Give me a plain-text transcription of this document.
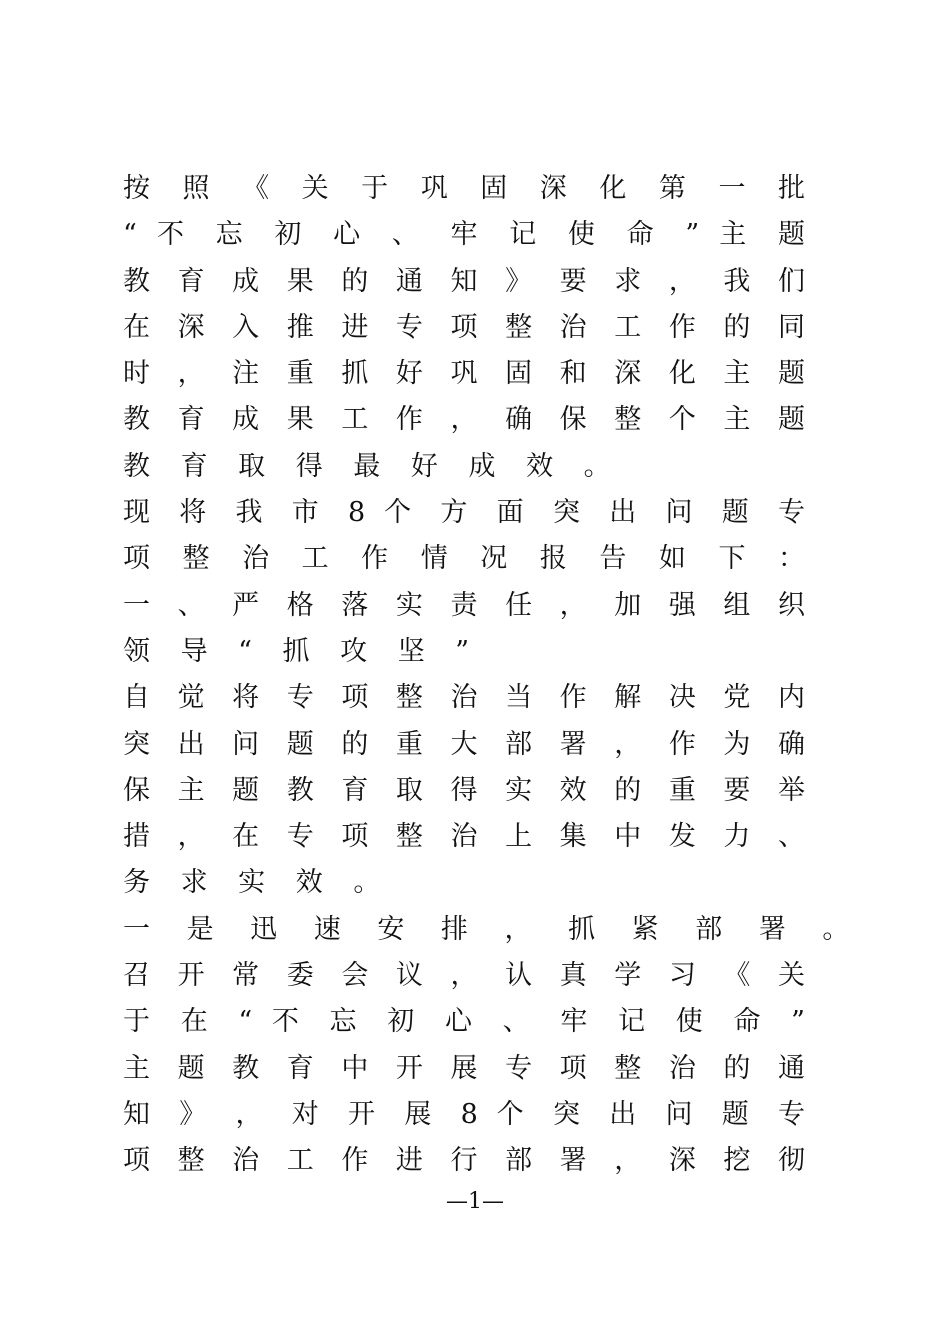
按 照 《 关 于 巩 固 深 化 第 一 批
“ 不 忘 初 心 、 牢 记 使 命 ” 主 题
教 育 成 果 的 通 知 》 要 求 ， 我 们
在 深 入 推 进 专 项 整 治 工 作 的 同
时 ， 注 重 抓 好 巩 固 和 深 化 主 题
教 育 成 果 工 作 ， 确 保 整 个 主 题
教 育 取 得 最 好 成 效 。
现 将 我 市 8 个 方 面 突 出 问 题 专
项 整 治 工 作 情 况 报 告 如 下 ：
一 、 严 格 落 实 责 任 ， 加 强 组 织
领 导 “ 抓 攻 坚 ”
自 觉 将 专 项 整 治 当 作 解 决 党 内
突 出 问 题 的 重 大 部 署 ， 作 为 确
保 主 题 教 育 取 得 实 效 的 重 要 举
措 ， 在 专 项 整 治 上 集 中 发 力 、
务 求 实 效 。
一 是 迅 速 安 排 ， 抓 紧 部 署 。
召 开 常 委 会 议 ， 认 真 学 习 《 关
于 在 “ 不 忘 初 心 、 牢 记 使 命 ”
主 题 教 育 中 开 展 专 项 整 治 的 通
知 》 ， 对 开 展 8 个 突 出 问 题 专
项 整 治 工 作 进 行 部 署 ， 深 挖 彻
—1—
